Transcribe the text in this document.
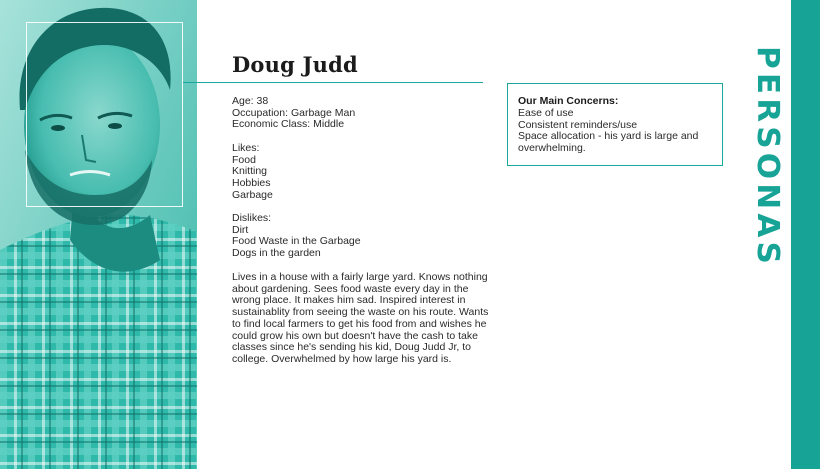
Doug Judd
Age: 38
Occupation: Garbage Man
Economic Class: Middle
Likes:
Food
Knitting
Hobbies
Garbage
Dislikes:
Dirt
Food Waste in the Garbage
Dogs in the garden

Lives in a house with a fairly large yard. Knows nothing about gardening. Sees food waste every day in the wrong place. It makes him sad. Inspired interest in sustainablity from seeing the waste on his route. Wants to find local farmers to get his food from and wishes he could grow his own but doesn't have the cash to take classes since he's sending his kid, Doug Judd Jr, to college. Overwhelmed by how large his yard is.

Our Main Concerns:
Ease of use
Consistent reminders/use
Space allocation - his yard is large and overwhelming.	PERSONAS
